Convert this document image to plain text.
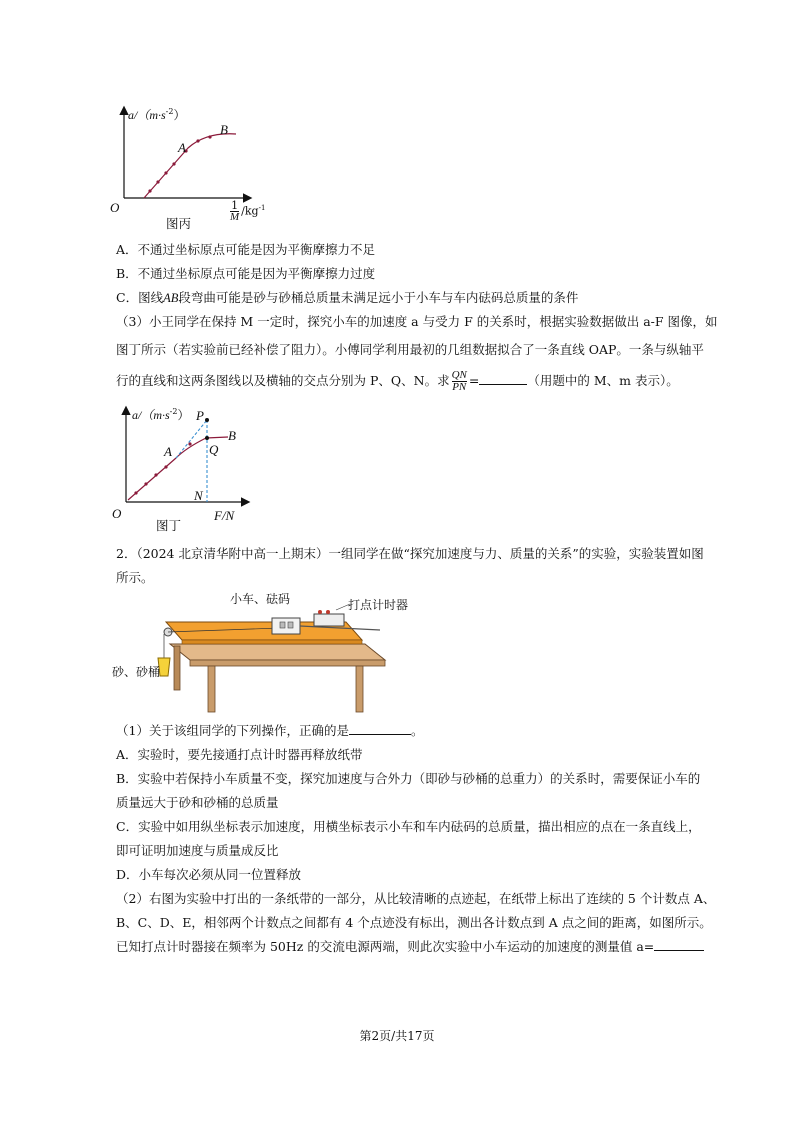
$a/(m\cdot s^{-2})$
B
A
O	$\frac{1}{M} /kg^{-1}$
图丙
A．不通过坐标原点可能是因为平衡摩擦力不足
B．不通过坐标原点可能是因为平衡摩擦力过度
C．图线AB段弯曲可能是砂与砂桶总质量未满足远小于小车与车内砝码总质量的条件
（3）小王同学在保持 M 一定时，探究小车的加速度 a 与受力 F 的关系时，根据实验数据做出 a-F 图像，如
图丁所示（若实验前已经补偿了阻力）。小傅同学利用最初的几组数据拟合了一条直线 OAP。一条与纵轴平
行的直线和这两条图线以及横轴的交点分别为 P、Q、N。求 $\frac{QN}{PN}$ =	（用题中的 M、m 表示）。
$a/(m\cdot s^{-2})$ P
B
A	Q
N
O	F/N
图丁
2．（2024 北京清华附中高一上期末）一组同学在做“探究加速度与力、质量的关系”的实验，实验装置如图
所示。
小车、砝码	打点计时器
砂、砂桶
（1）关于该组同学的下列操作，正确的是	。
A．实验时，要先接通打点计时器再释放纸带
B．实验中若保持小车质量不变，探究加速度与合外力（即砂与砂桶的总重力）的关系时，需要保证小车的
质量远大于砂和砂桶的总质量
C．实验中如用纵坐标表示加速度，用横坐标表示小车和车内砝码的总质量，描出相应的点在一条直线上，
即可证明加速度与质量成反比
D．小车每次必须从同一位置释放
（2）右图为实验中打出的一条纸带的一部分，从比较清晰的点迹起，在纸带上标出了连续的 5 个计数点 A、
B、C、D、E，相邻两个计数点之间都有 4 个点迹没有标出，测出各计数点到 A 点之间的距离，如图所示。
已知打点计时器接在频率为 50Hz 的交流电源两端，则此次实验中小车运动的加速度的测量值 a=
第2页/共17页
